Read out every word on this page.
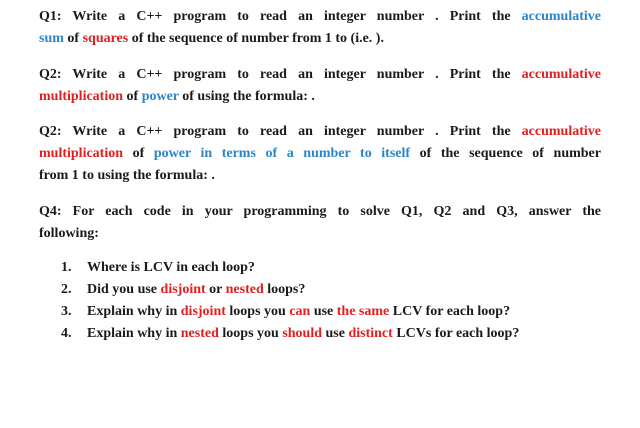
Q1: Write a C++ program to read an integer number . Print the accumulative
sum of squares of the sequence of number from 1 to (i.e. ).

Q2: Write a C++ program to read an integer number . Print the accumulative
multiplication of power of using the formula: .

Q2: Write a C++ program to read an integer number . Print the accumulative
multiplication of power in terms of a number to itself of the sequence of number
from 1 to using the formula: .

Q4: For each code in your programming to solve Q1, Q2 and Q3, answer the
following:

1. Where is LCV in each loop?
2. Did you use disjoint or nested loops?
3. Explain why in disjoint loops you can use the same LCV for each loop?
4. Explain why in nested loops you should use distinct LCVs for each loop?
